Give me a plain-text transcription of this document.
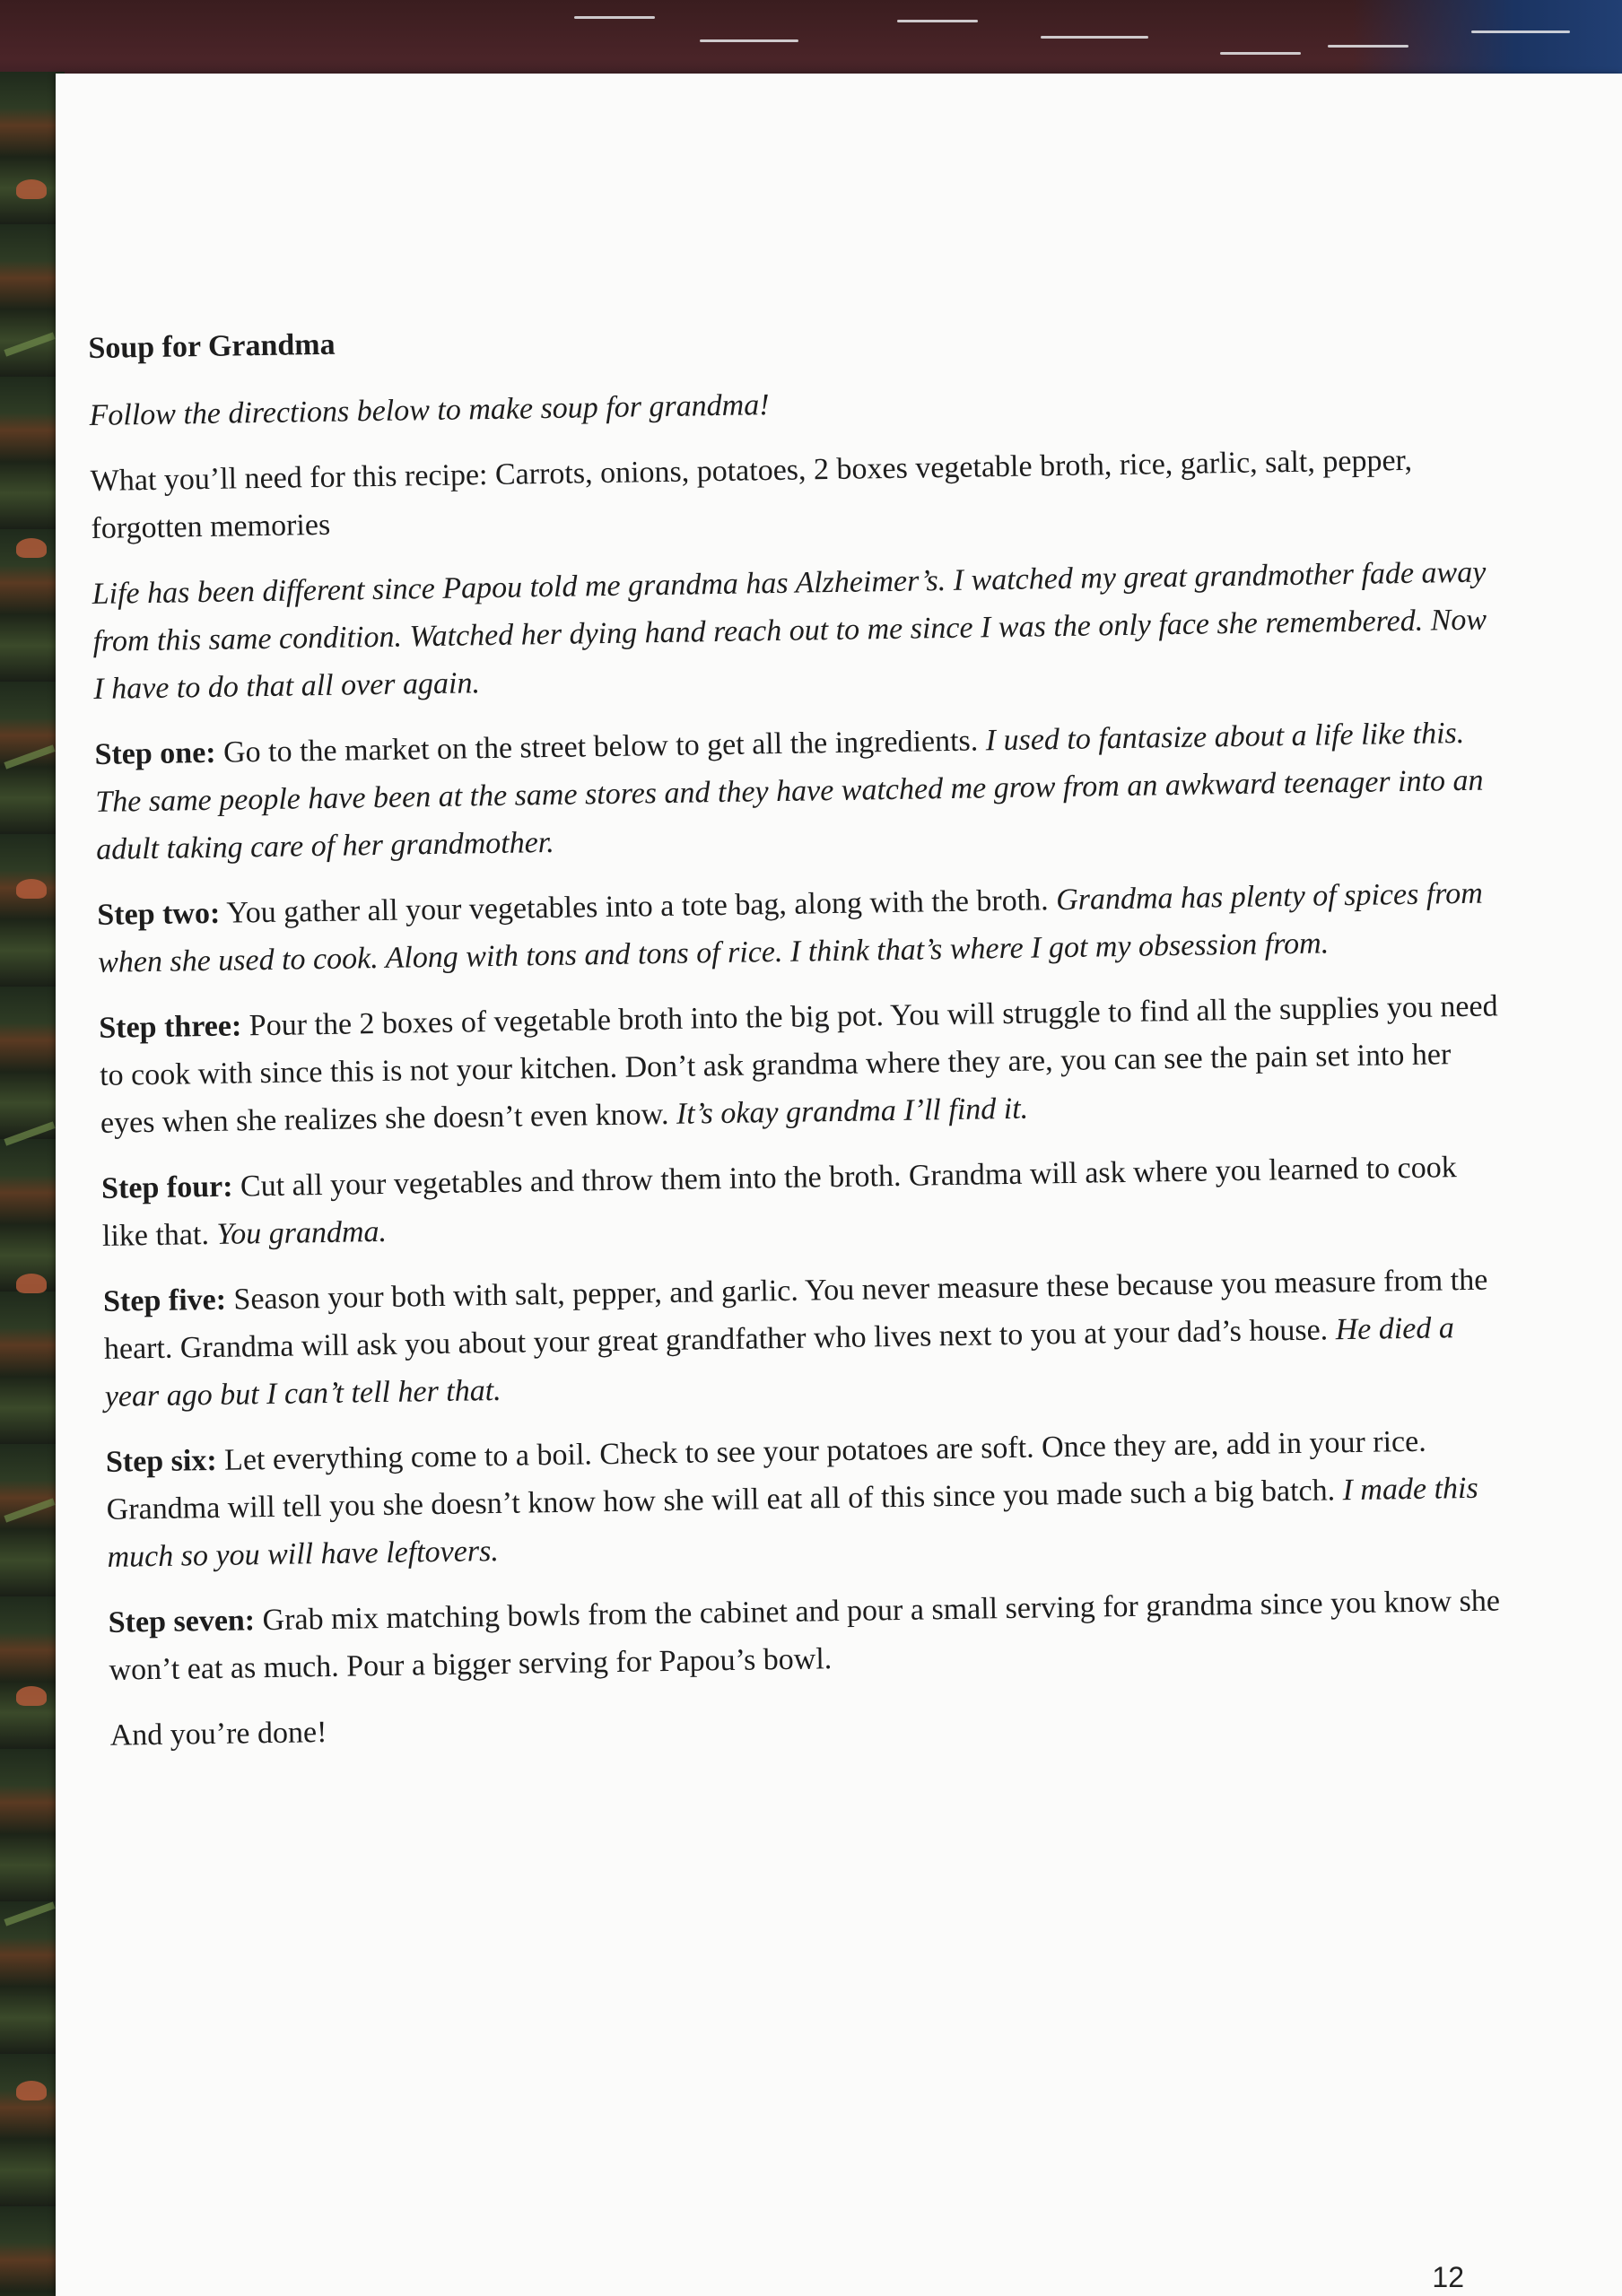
Soup for Grandma
Follow the directions below to make soup for grandma!
What you’ll need for this recipe: Carrots, onions, potatoes, 2 boxes vegetable broth, rice, garlic, salt, pepper, forgotten memories
Life has been different since Papou told me grandma has Alzheimer’s. I watched my great grandmother fade away from this same condition. Watched her dying hand reach out to me since I was the only face she remembered. Now I have to do that all over again.
Step one: Go to the market on the street below to get all the ingredients. I used to fantasize about a life like this. The same people have been at the same stores and they have watched me grow from an awkward teenager into an adult taking care of her grandmother.
Step two: You gather all your vegetables into a tote bag, along with the broth. Grandma has plenty of spices from when she used to cook. Along with tons and tons of rice. I think that’s where I got my obsession from.
Step three: Pour the 2 boxes of vegetable broth into the big pot. You will struggle to find all the supplies you need to cook with since this is not your kitchen. Don’t ask grandma where they are, you can see the pain set into her eyes when she realizes she doesn’t even know. It’s okay grandma I’ll find it.
Step four: Cut all your vegetables and throw them into the broth. Grandma will ask where you learned to cook like that. You grandma.
Step five: Season your both with salt, pepper, and garlic. You never measure these because you measure from the heart. Grandma will ask you about your great grandfather who lives next to you at your dad’s house. He died a year ago but I can’t tell her that.
Step six: Let everything come to a boil. Check to see your potatoes are soft. Once they are, add in your rice. Grandma will tell you she doesn’t know how she will eat all of this since you made such a big batch. I made this much so you will have leftovers.
Step seven: Grab mix matching bowls from the cabinet and pour a small serving for grandma since you know she won’t eat as much. Pour a bigger serving for Papou’s bowl.
And you’re done!
12
